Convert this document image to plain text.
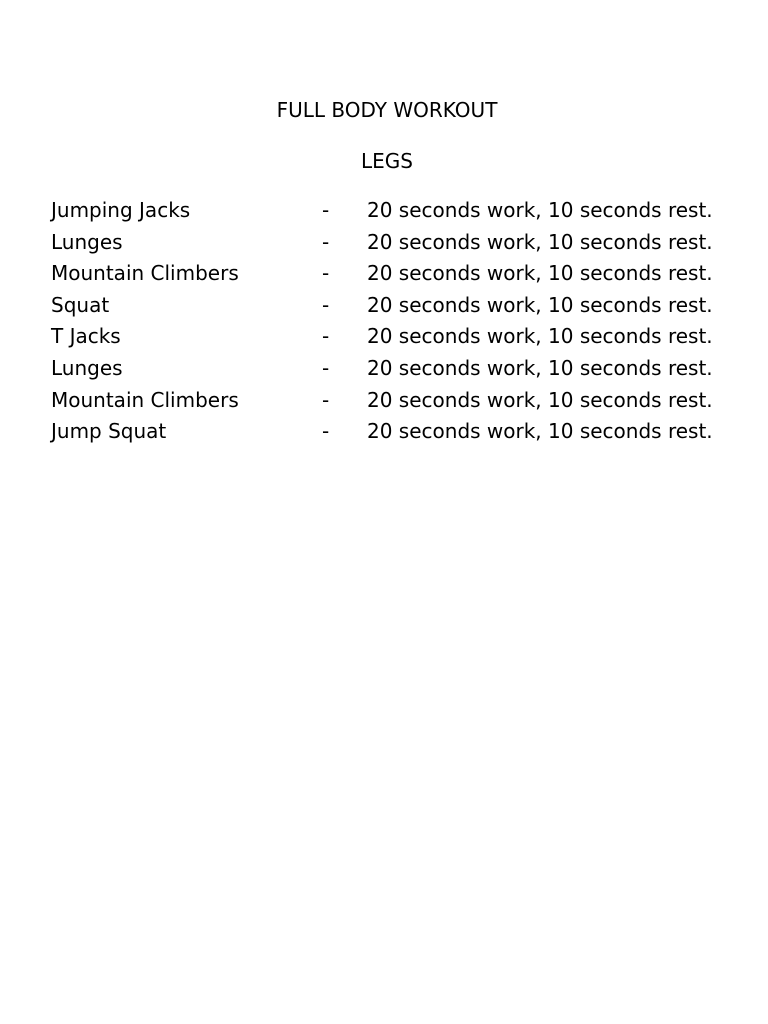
FULL BODY WORKOUT
LEGS
Jumping Jacks	- 20 seconds work, 10 seconds rest.
Lunges	- 20 seconds work, 10 seconds rest.
Mountain Climbers	- 20 seconds work, 10 seconds rest.
Squat	- 20 seconds work, 10 seconds rest.
T Jacks	- 20 seconds work, 10 seconds rest.
Lunges	- 20 seconds work, 10 seconds rest.
Mountain Climbers	- 20 seconds work, 10 seconds rest.
Jump Squat	- 20 seconds work, 10 seconds rest.
